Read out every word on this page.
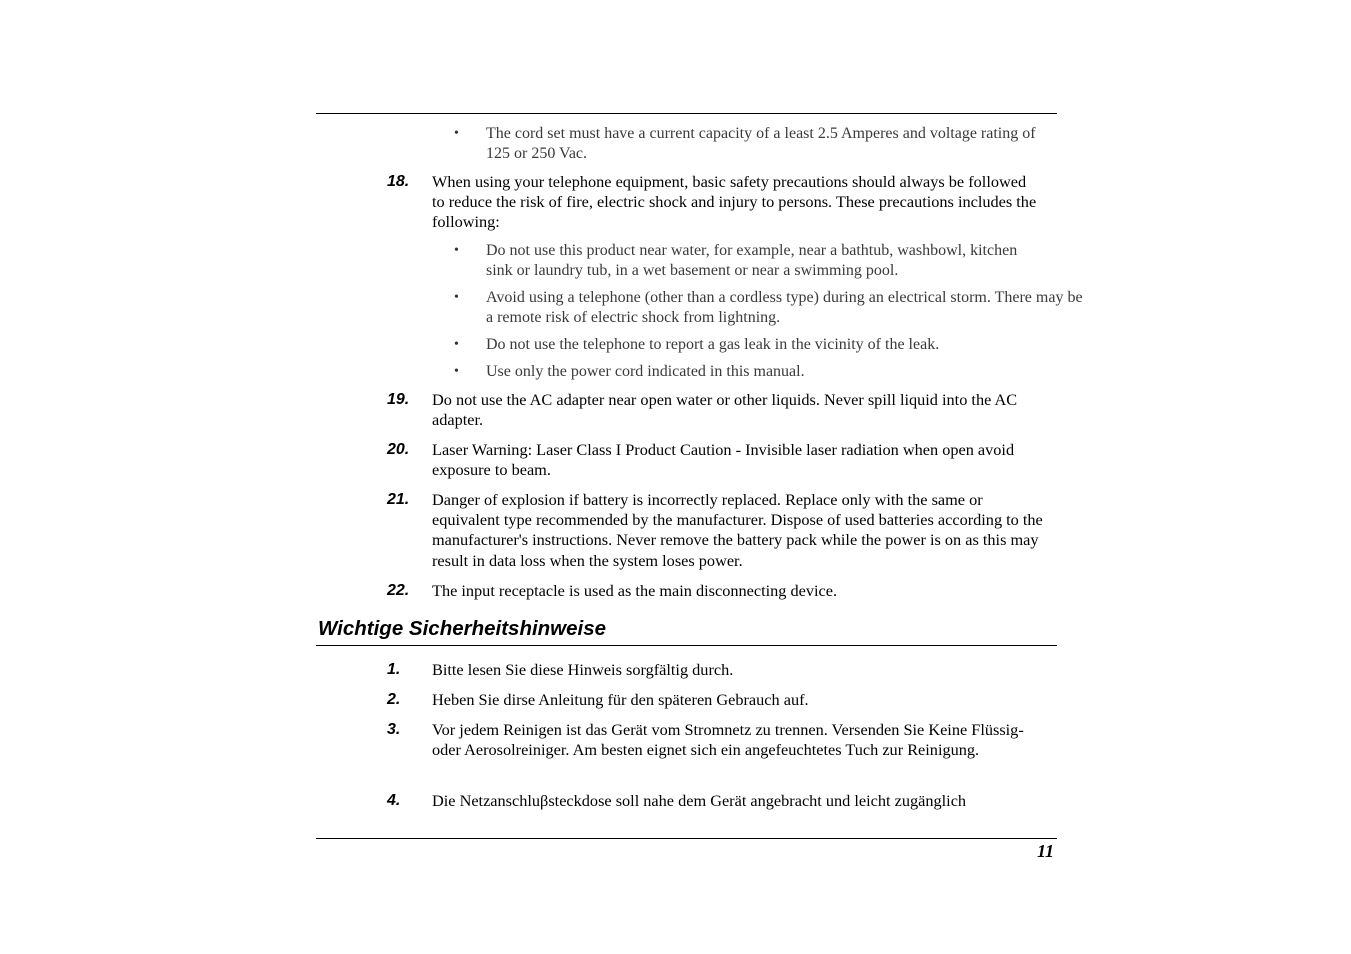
• The cord set must have a current capacity of a least 2.5 Amperes and voltage rating of 125 or 250 Vac.
18. When using your telephone equipment, basic safety precautions should always be followed to reduce the risk of fire, electric shock and injury to persons. These precautions includes the following:
• Do not use this product near water, for example, near a bathtub, washbowl, kitchen sink or laundry tub, in a wet basement or near a swimming pool.
• Avoid using a telephone (other than a cordless type) during an electrical storm. There may be a remote risk of electric shock from lightning.
• Do not use the telephone to report a gas leak in the vicinity of the leak.
• Use only the power cord indicated in this manual.
19. Do not use the AC adapter near open water or other liquids. Never spill liquid into the AC adapter.
20. Laser Warning: Laser Class I Product Caution - Invisible laser radiation when open avoid exposure to beam.
21. Danger of explosion if battery is incorrectly replaced. Replace only with the same or equivalent type recommended by the manufacturer. Dispose of used batteries according to the manufacturer's instructions. Never remove the battery pack while the power is on as this may result in data loss when the system loses power.
22. The input receptacle is used as the main disconnecting device.
Wichtige Sicherheitshinweise
1. Bitte lesen Sie diese Hinweis sorgfältig durch.
2. Heben Sie dirse Anleitung für den späteren Gebrauch auf.
3. Vor jedem Reinigen ist das Gerät vom Stromnetz zu trennen. Versenden Sie Keine Flüssig- oder Aerosolreiniger. Am besten eignet sich ein angefeuchtetes Tuch zur Reinigung.
4. Die Netzanschluβsteckdose soll nahe dem Gerät angebracht und leicht zugänglich
11
